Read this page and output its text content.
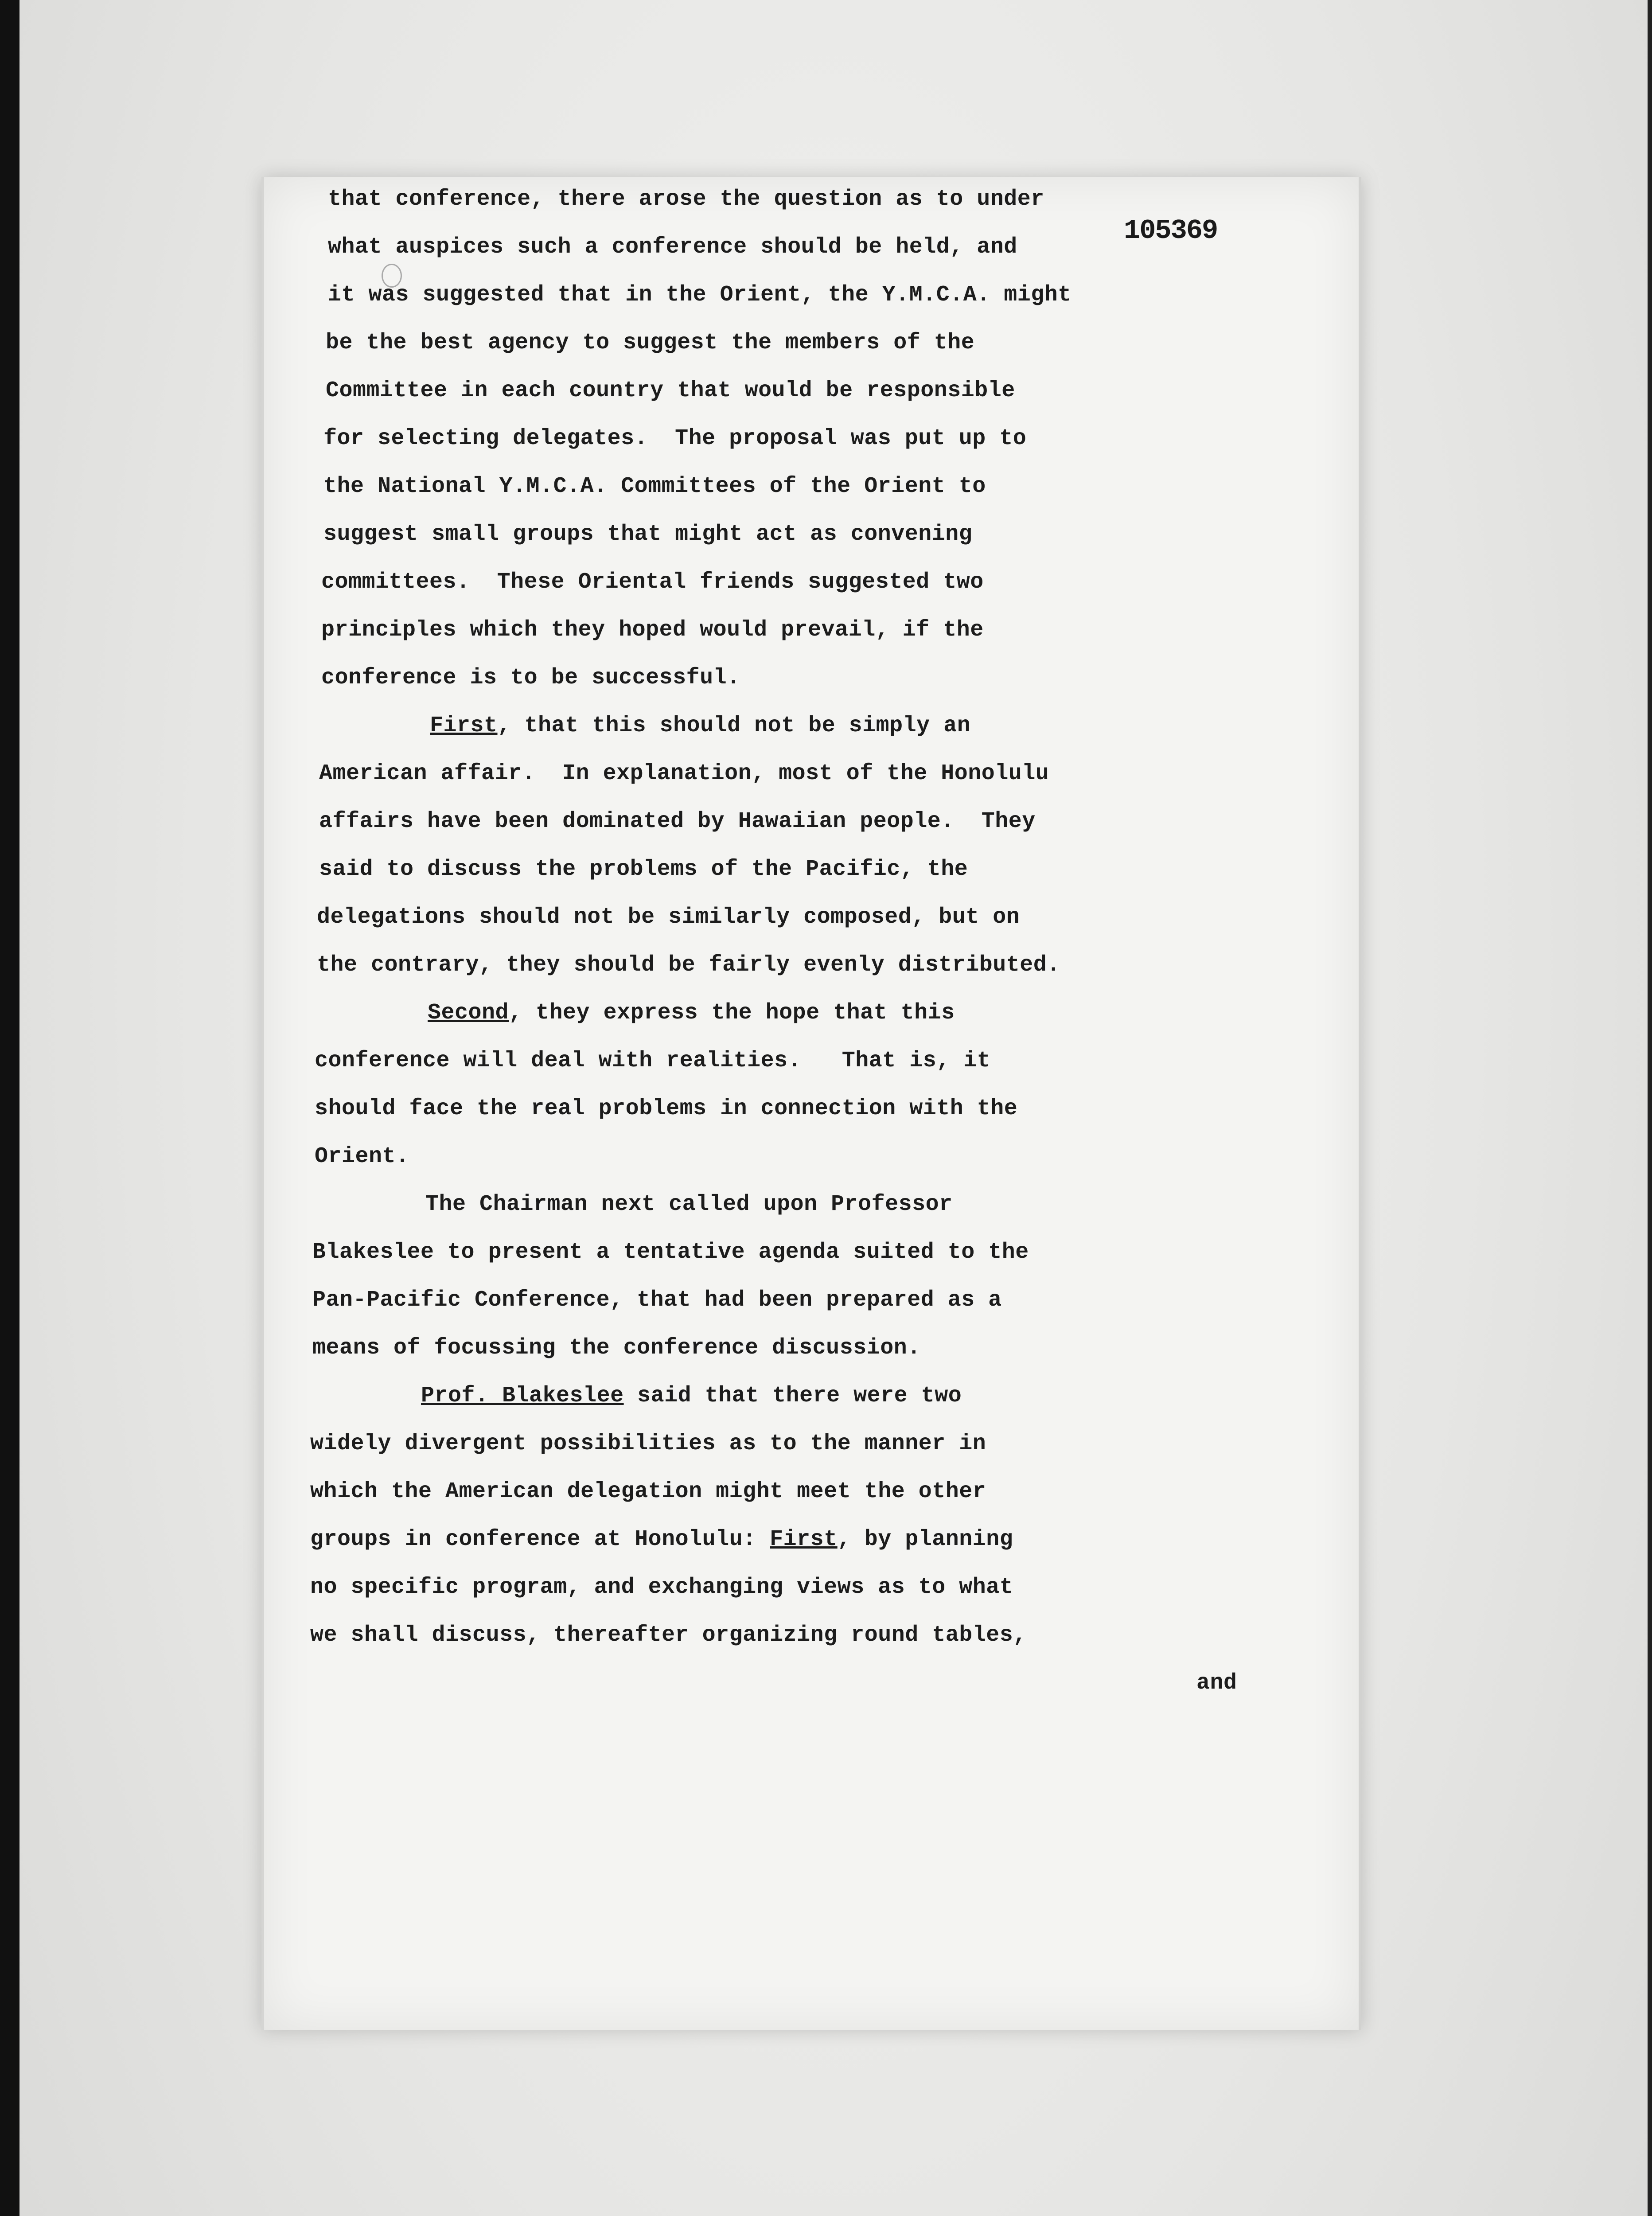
105369
that conference, there arose the question as to under
what auspices such a conference should be held, and
it was suggested that in the Orient, the Y.M.C.A. might
be the best agency to suggest the members of the
Committee in each country that would be responsible
for selecting delegates.  The proposal was put up to
the National Y.M.C.A. Committees of the Orient to
suggest small groups that might act as convening
committees.  These Oriental friends suggested two
principles which they hoped would prevail, if the
conference is to be successful.
First, that this should not be simply an
American affair.  In explanation, most of the Honolulu
affairs have been dominated by Hawaiian people.  They
said to discuss the problems of the Pacific, the
delegations should not be similarly composed, but on
the contrary, they should be fairly evenly distributed.
Second, they express the hope that this
conference will deal with realities.   That is, it
should face the real problems in connection with the
Orient.
The Chairman next called upon Professor
Blakeslee to present a tentative agenda suited to the
Pan-Pacific Conference, that had been prepared as a
means of focussing the conference discussion.
Prof. Blakeslee said that there were two
widely divergent possibilities as to the manner in
which the American delegation might meet the other
groups in conference at Honolulu: First, by planning
no specific program, and exchanging views as to what
we shall discuss, thereafter organizing round tables,
and
